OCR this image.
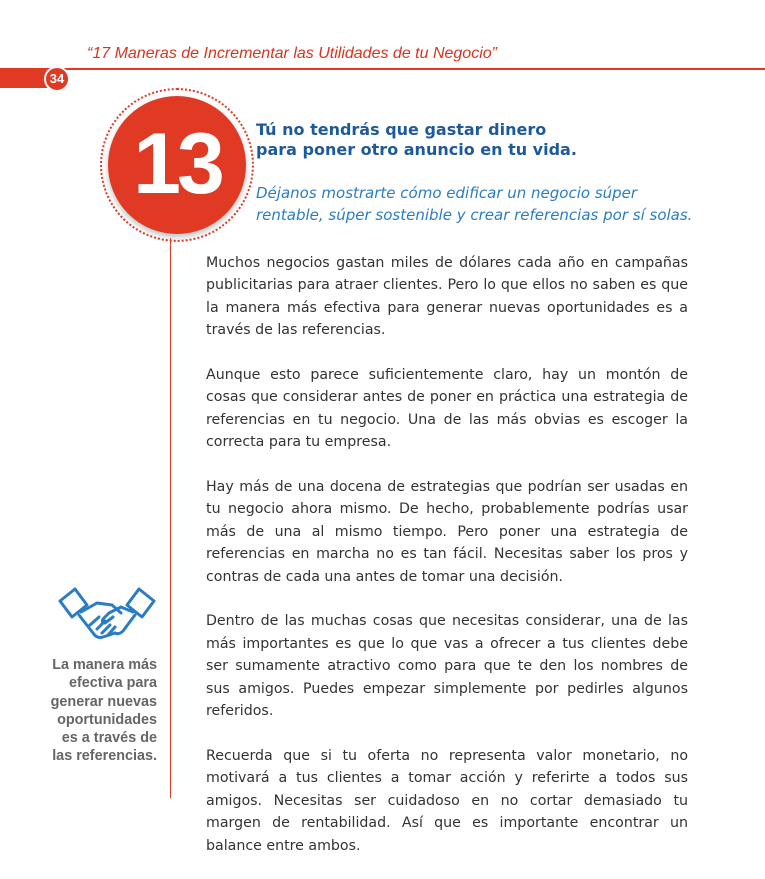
“17 Maneras de Incrementar las Utilidades de tu Negocio”
34
13	Tú no tendrás que gastar dinero
para poner otro anuncio en tu vida.
Déjanos mostrarte cómo edificar un negocio súper
rentable, súper sostenible y crear referencias por sí solas.

Muchos negocios gastan miles de dólares cada año en campañas publicitarias para atraer clientes. Pero lo que ellos no saben es que la manera más efectiva para generar nuevas oportunidades es a través de las referencias.

Aunque esto parece suficientemente claro, hay un montón de cosas que considerar antes de poner en práctica una estrategia de referencias en tu negocio. Una de las más obvias es escoger la correcta para tu empresa.

Hay más de una docena de estrategias que podrían ser usadas en tu negocio ahora mismo. De hecho, probablemente podrías usar más de una al mismo tiempo. Pero poner una estrategia de referencias en marcha no es tan fácil. Necesitas saber los pros y contras de cada una antes de tomar una decisión.

Dentro de las muchas cosas que necesitas considerar, una de las más importantes es que lo que vas a ofrecer a tus clientes debe ser sumamente atractivo como para que te den los nombres de sus amigos. Puedes empezar simplemente por pedirles algunos referidos.

Recuerda que si tu oferta no representa valor monetario, no motivará a tus clientes a tomar acción y referirte a todos sus amigos. Necesitas ser cuidadoso en no cortar demasiado tu margen de rentabilidad. Así que es importante encontrar un balance entre ambos.

La manera más
efectiva para
generar nuevas
oportunidades
es a través de
las referencias.
